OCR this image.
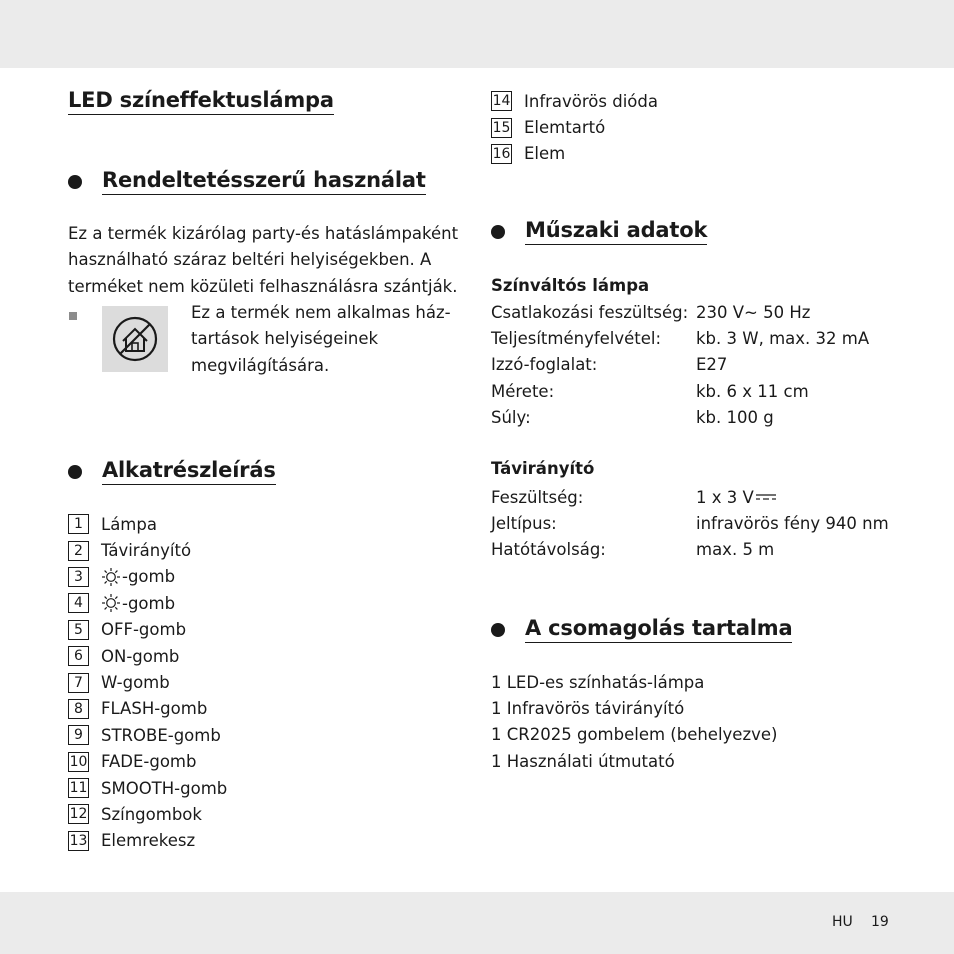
LED színeffektuslámpa
Rendeltetésszerű használat

Ez a termék kizárólag party-és hatáslámpaként

használható száraz beltéri helyiségekben. A

terméket nem közületi felhasználásra szántják.

Ez a termék nem alkalmas ház-

tartások helyiségeinek

megvilágítására.

Alkatrészleírás
1	Lámpa
2	Távirányító
3	-gomb
4	-gomb
5	OFF-gomb
6	ON-gomb
7	W-gomb
8	FLASH-gomb
9	STROBE-gomb
10 FADE-gomb
11 SMOOTH-gomb
12 Színgombok
13 Elemrekesz
14 Infravörös dióda
15 Elemtartó
16 Elem
Műszaki adatok

Színváltós lámpa

Csatlakozási feszültség: 230 V~ 50 Hz
Teljesítményfelvétel:	kb. 3 W, max. 32 mA
Izzó-foglalat:	E27
Mérete:	kb. 6 x 11 cm
Súly:	kb. 100 g

Távirányító

Feszültség:	1 x 3 V
Jeltípus:	infravörös fény 940 nm
Hatótávolság:	max. 5 m
A csomagolás tartalma
1 LED-es színhatás-lámpa
1 Infravörös távirányító
1 CR2025 gombelem (behelyezve)
1 Használati útmutató
HU 19
